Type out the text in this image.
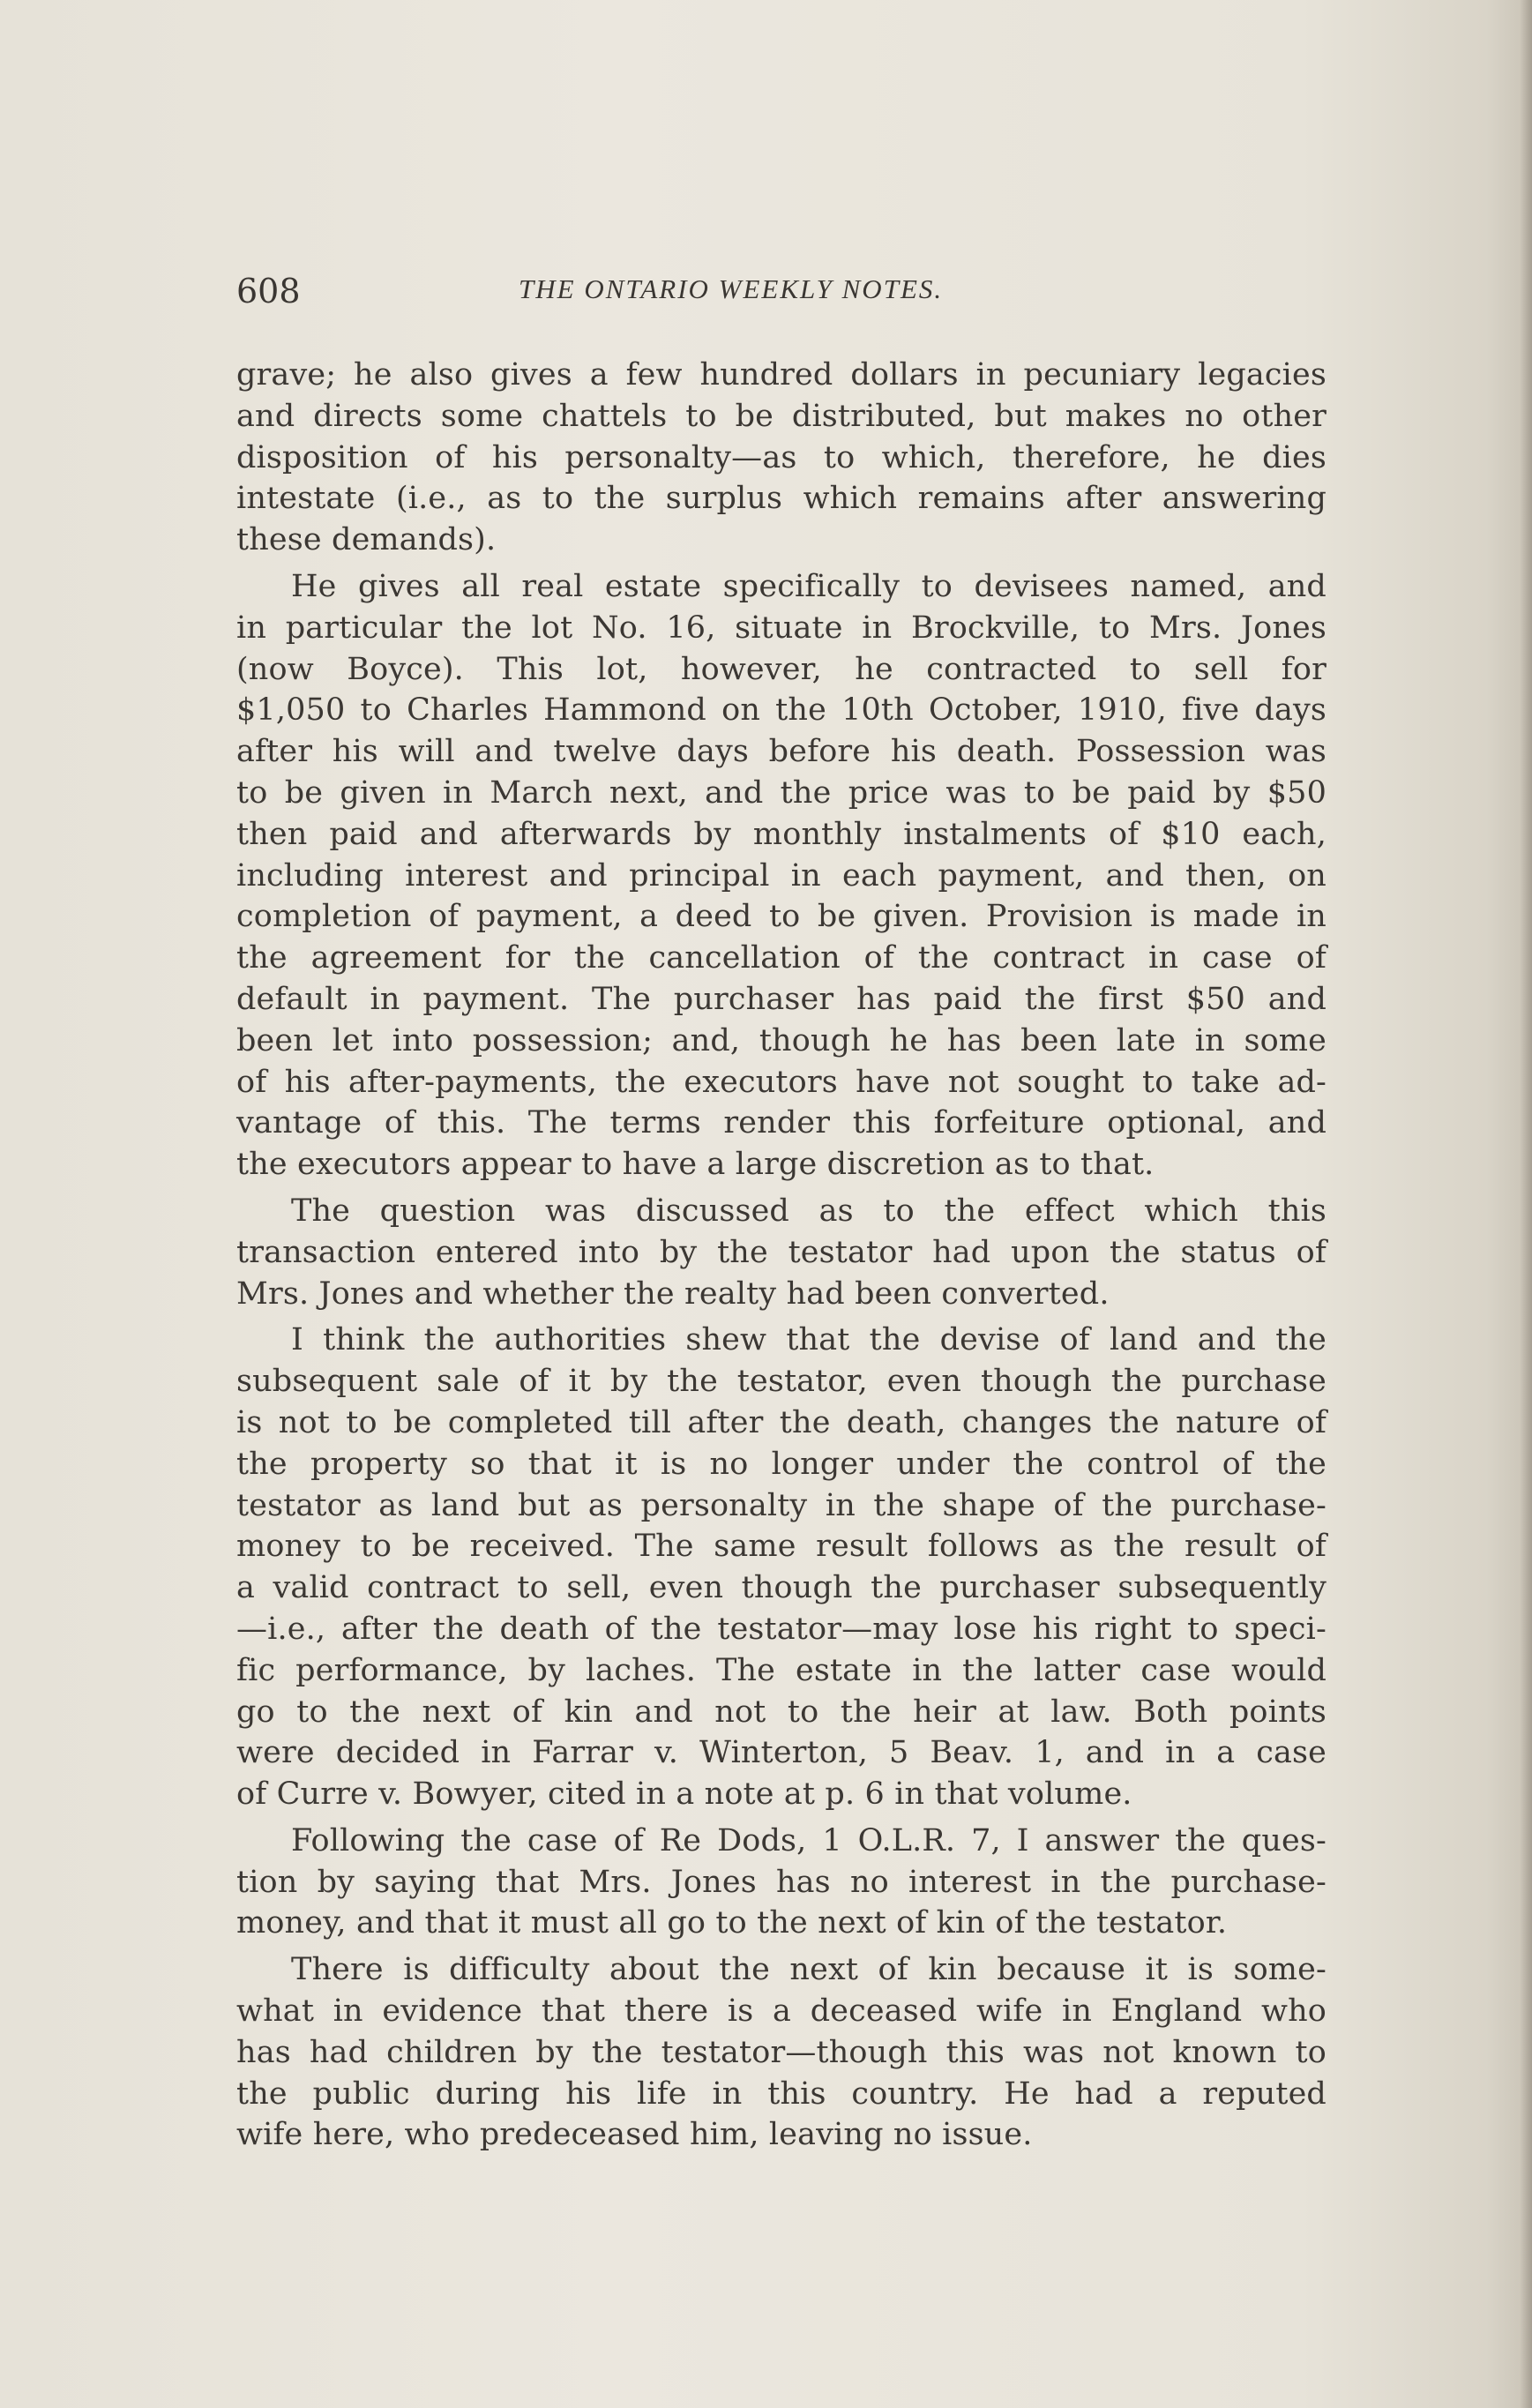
608	THE ONTARIO WEEKLY NOTES.
grave; he also gives a few hundred dollars in pecuniary legacies
and directs some chattels to be distributed, but makes no other
disposition of his personalty—as to which, therefore, he dies
intestate (i.e., as to the surplus which remains after answering
these demands).
He gives all real estate specifically to devisees named, and
in particular the lot No. 16, situate in Brockville, to Mrs. Jones
(now Boyce). This lot, however, he contracted to sell for
$1,050 to Charles Hammond on the 10th October, 1910, five days
after his will and twelve days before his death. Possession was
to be given in March next, and the price was to be paid by $50
then paid and afterwards by monthly instalments of $10 each,
including interest and principal in each payment, and then, on
completion of payment, a deed to be given. Provision is made in
the agreement for the cancellation of the contract in case of
default in payment. The purchaser has paid the first $50 and
been let into possession; and, though he has been late in some
of his after-payments, the executors have not sought to take ad-
vantage of this. The terms render this forfeiture optional, and
the executors appear to have a large discretion as to that.
The question was discussed as to the effect which this
transaction entered into by the testator had upon the status of
Mrs. Jones and whether the realty had been converted.
I think the authorities shew that the devise of land and the
subsequent sale of it by the testator, even though the purchase
is not to be completed till after the death, changes the nature of
the property so that it is no longer under the control of the
testator as land but as personalty in the shape of the purchase-
money to be received. The same result follows as the result of
a valid contract to sell, even though the purchaser subsequently
—i.e., after the death of the testator—may lose his right to speci-
fic performance, by laches. The estate in the latter case would
go to the next of kin and not to the heir at law. Both points
were decided in Farrar v. Winterton, 5 Beav. 1, and in a case
of Curre v. Bowyer, cited in a note at p. 6 in that volume.
Following the case of Re Dods, 1 O.L.R. 7, I answer the ques-
tion by saying that Mrs. Jones has no interest in the purchase-
money, and that it must all go to the next of kin of the testator.
There is difficulty about the next of kin because it is some-
what in evidence that there is a deceased wife in England who
has had children by the testator—though this was not known to
the public during his life in this country. He had a reputed
wife here, who predeceased him, leaving no issue.
